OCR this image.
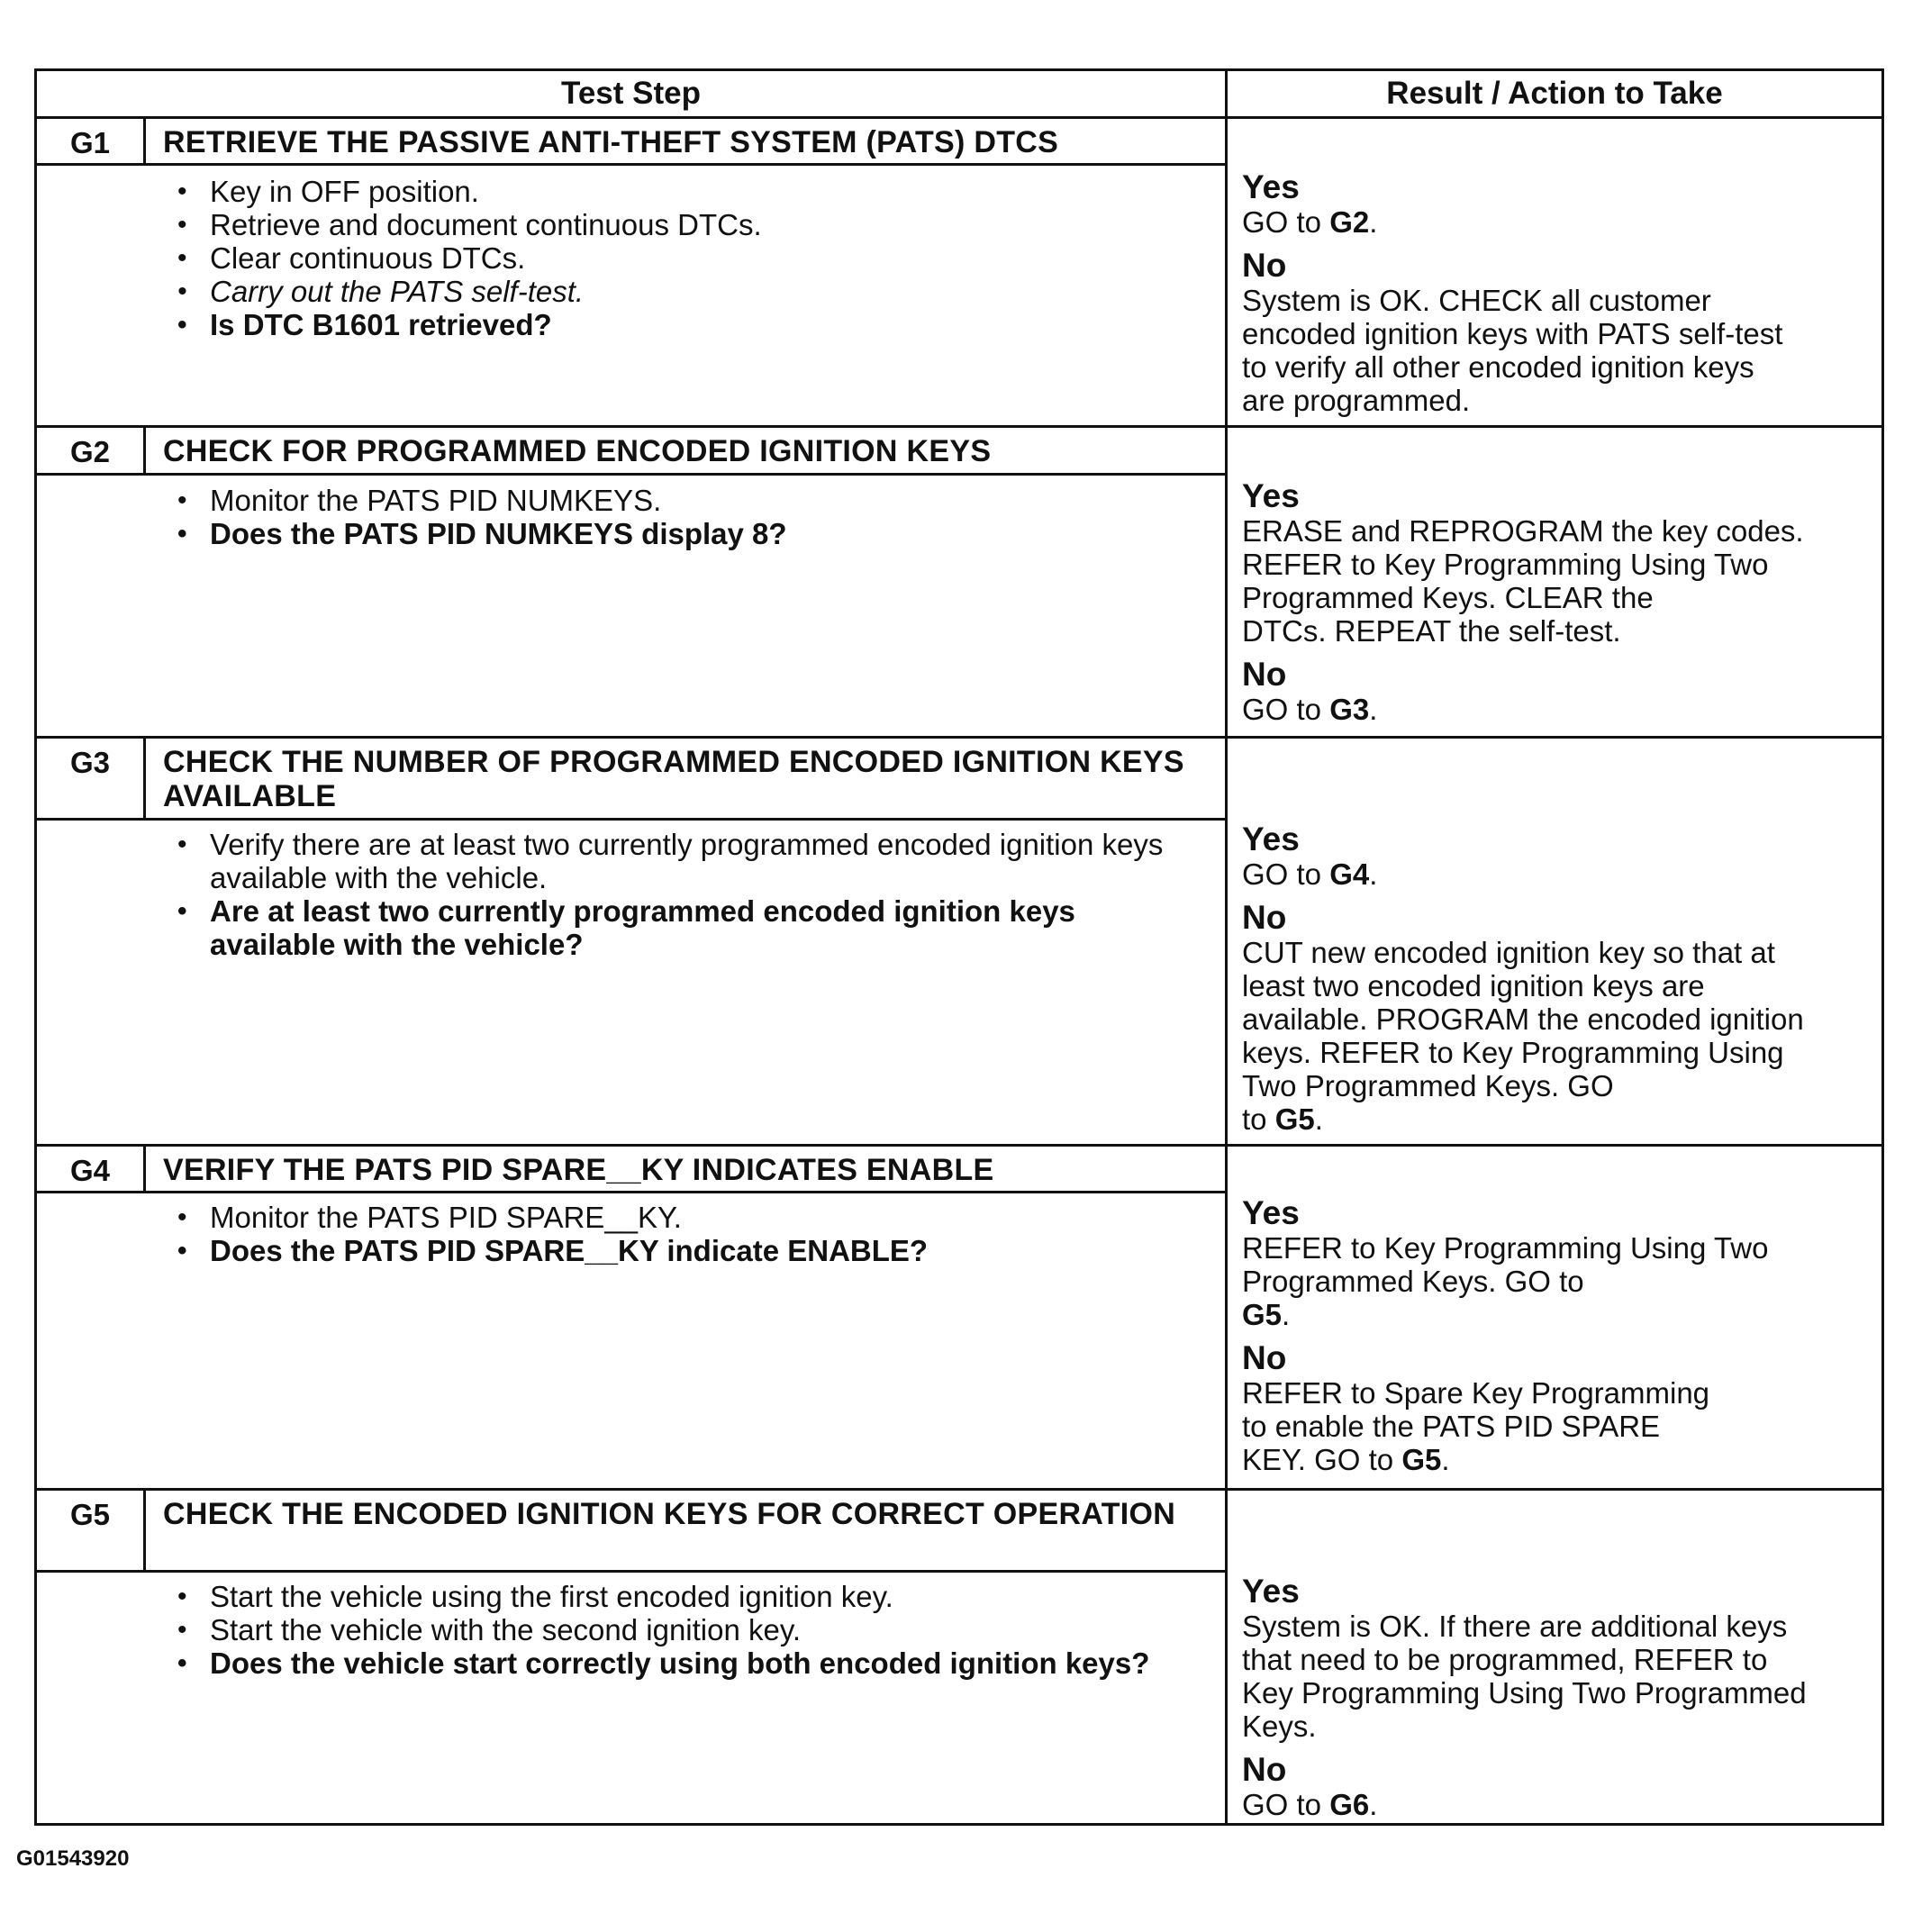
Test Step	Result / Action to Take
G1	RETRIEVE THE PASSIVE ANTI-THEFT SYSTEM (PATS) DTCS
• Key in OFF position.
• Retrieve and document continuous DTCs.
• Clear continuous DTCs.
• Carry out the PATS self-test.
• Is DTC B1601 retrieved?
Yes
GO to G2.
No
System is OK. CHECK all customer
encoded ignition keys with PATS self-test
to verify all other encoded ignition keys
are programmed.
G2	CHECK FOR PROGRAMMED ENCODED IGNITION KEYS
• Monitor the PATS PID NUMKEYS.
• Does the PATS PID NUMKEYS display 8?
Yes
ERASE and REPROGRAM the key codes.
REFER to Key Programming Using Two
Programmed Keys. CLEAR the
DTCs. REPEAT the self-test.
No
GO to G3.
G3	CHECK THE NUMBER OF PROGRAMMED ENCODED IGNITION KEYS AVAILABLE
• Verify there are at least two currently programmed encoded ignition keys available with the vehicle.
• Are at least two currently programmed encoded ignition keys available with the vehicle?
Yes
GO to G4.
No
CUT new encoded ignition key so that at
least two encoded ignition keys are
available. PROGRAM the encoded ignition
keys. REFER to Key Programming Using
Two Programmed Keys. GO
to G5.
G4	VERIFY THE PATS PID SPARE__KY INDICATES ENABLE
• Monitor the PATS PID SPARE__KY.
• Does the PATS PID SPARE__KY indicate ENABLE?
Yes
REFER to Key Programming Using Two
Programmed Keys. GO to
G5.
No
REFER to Spare Key Programming
to enable the PATS PID SPARE
KEY. GO to G5.
G5	CHECK THE ENCODED IGNITION KEYS FOR CORRECT OPERATION
• Start the vehicle using the first encoded ignition key.
• Start the vehicle with the second ignition key.
• Does the vehicle start correctly using both encoded ignition keys?
Yes
System is OK. If there are additional keys
that need to be programmed, REFER to
Key Programming Using Two Programmed
Keys.
No
GO to G6.
G01543920
